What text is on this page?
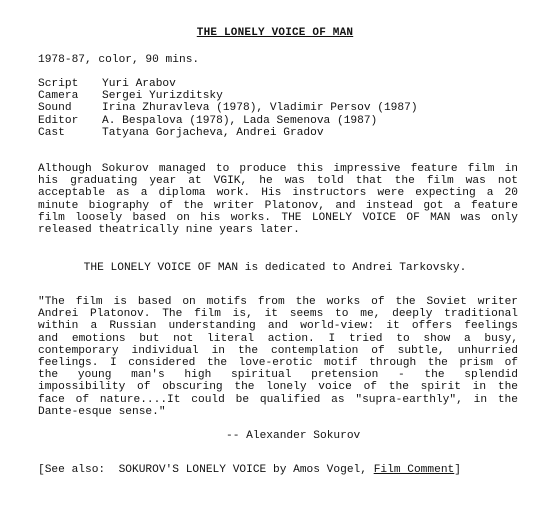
THE LONELY VOICE OF MAN
1978-87, color, 90 mins.
Script	Yuri Arabov
Camera	Sergei Yurizditsky
Sound	Irina Zhuravleva (1978), Vladimir Persov (1987)
Editor	A. Bespalova (1978), Lada Semenova (1987)
Cast	Tatyana Gorjacheva, Andrei Gradov
Although Sokurov managed to produce this impressive feature film in
his graduating year at VGIK, he was told that the film was not
acceptable as a diploma work. His instructors were expecting a 20
minute biography of the writer Platonov, and instead got a feature
film loosely based on his works. THE LONELY VOICE OF MAN was only
released theatrically nine years later.
THE LONELY VOICE OF MAN is dedicated to Andrei Tarkovsky.
"The film is based on motifs from the works of the Soviet writer
Andrei Platonov. The film is, it seems to me, deeply traditional
within a Russian understanding and world-view: it offers feelings
and emotions but not literal action. I tried to show a busy,
contemporary individual in the contemplation of subtle, unhurried
feelings. I considered the love-erotic motif through the prism of
the young man's high spiritual pretension - the splendid
impossibility of obscuring the lonely voice of the spirit in the
face of nature....It could be qualified as "supra-earthly", in the
Dante-esque sense."
-- Alexander Sokurov
[See also:  SOKUROV'S LONELY VOICE by Amos Vogel, Film Comment]
